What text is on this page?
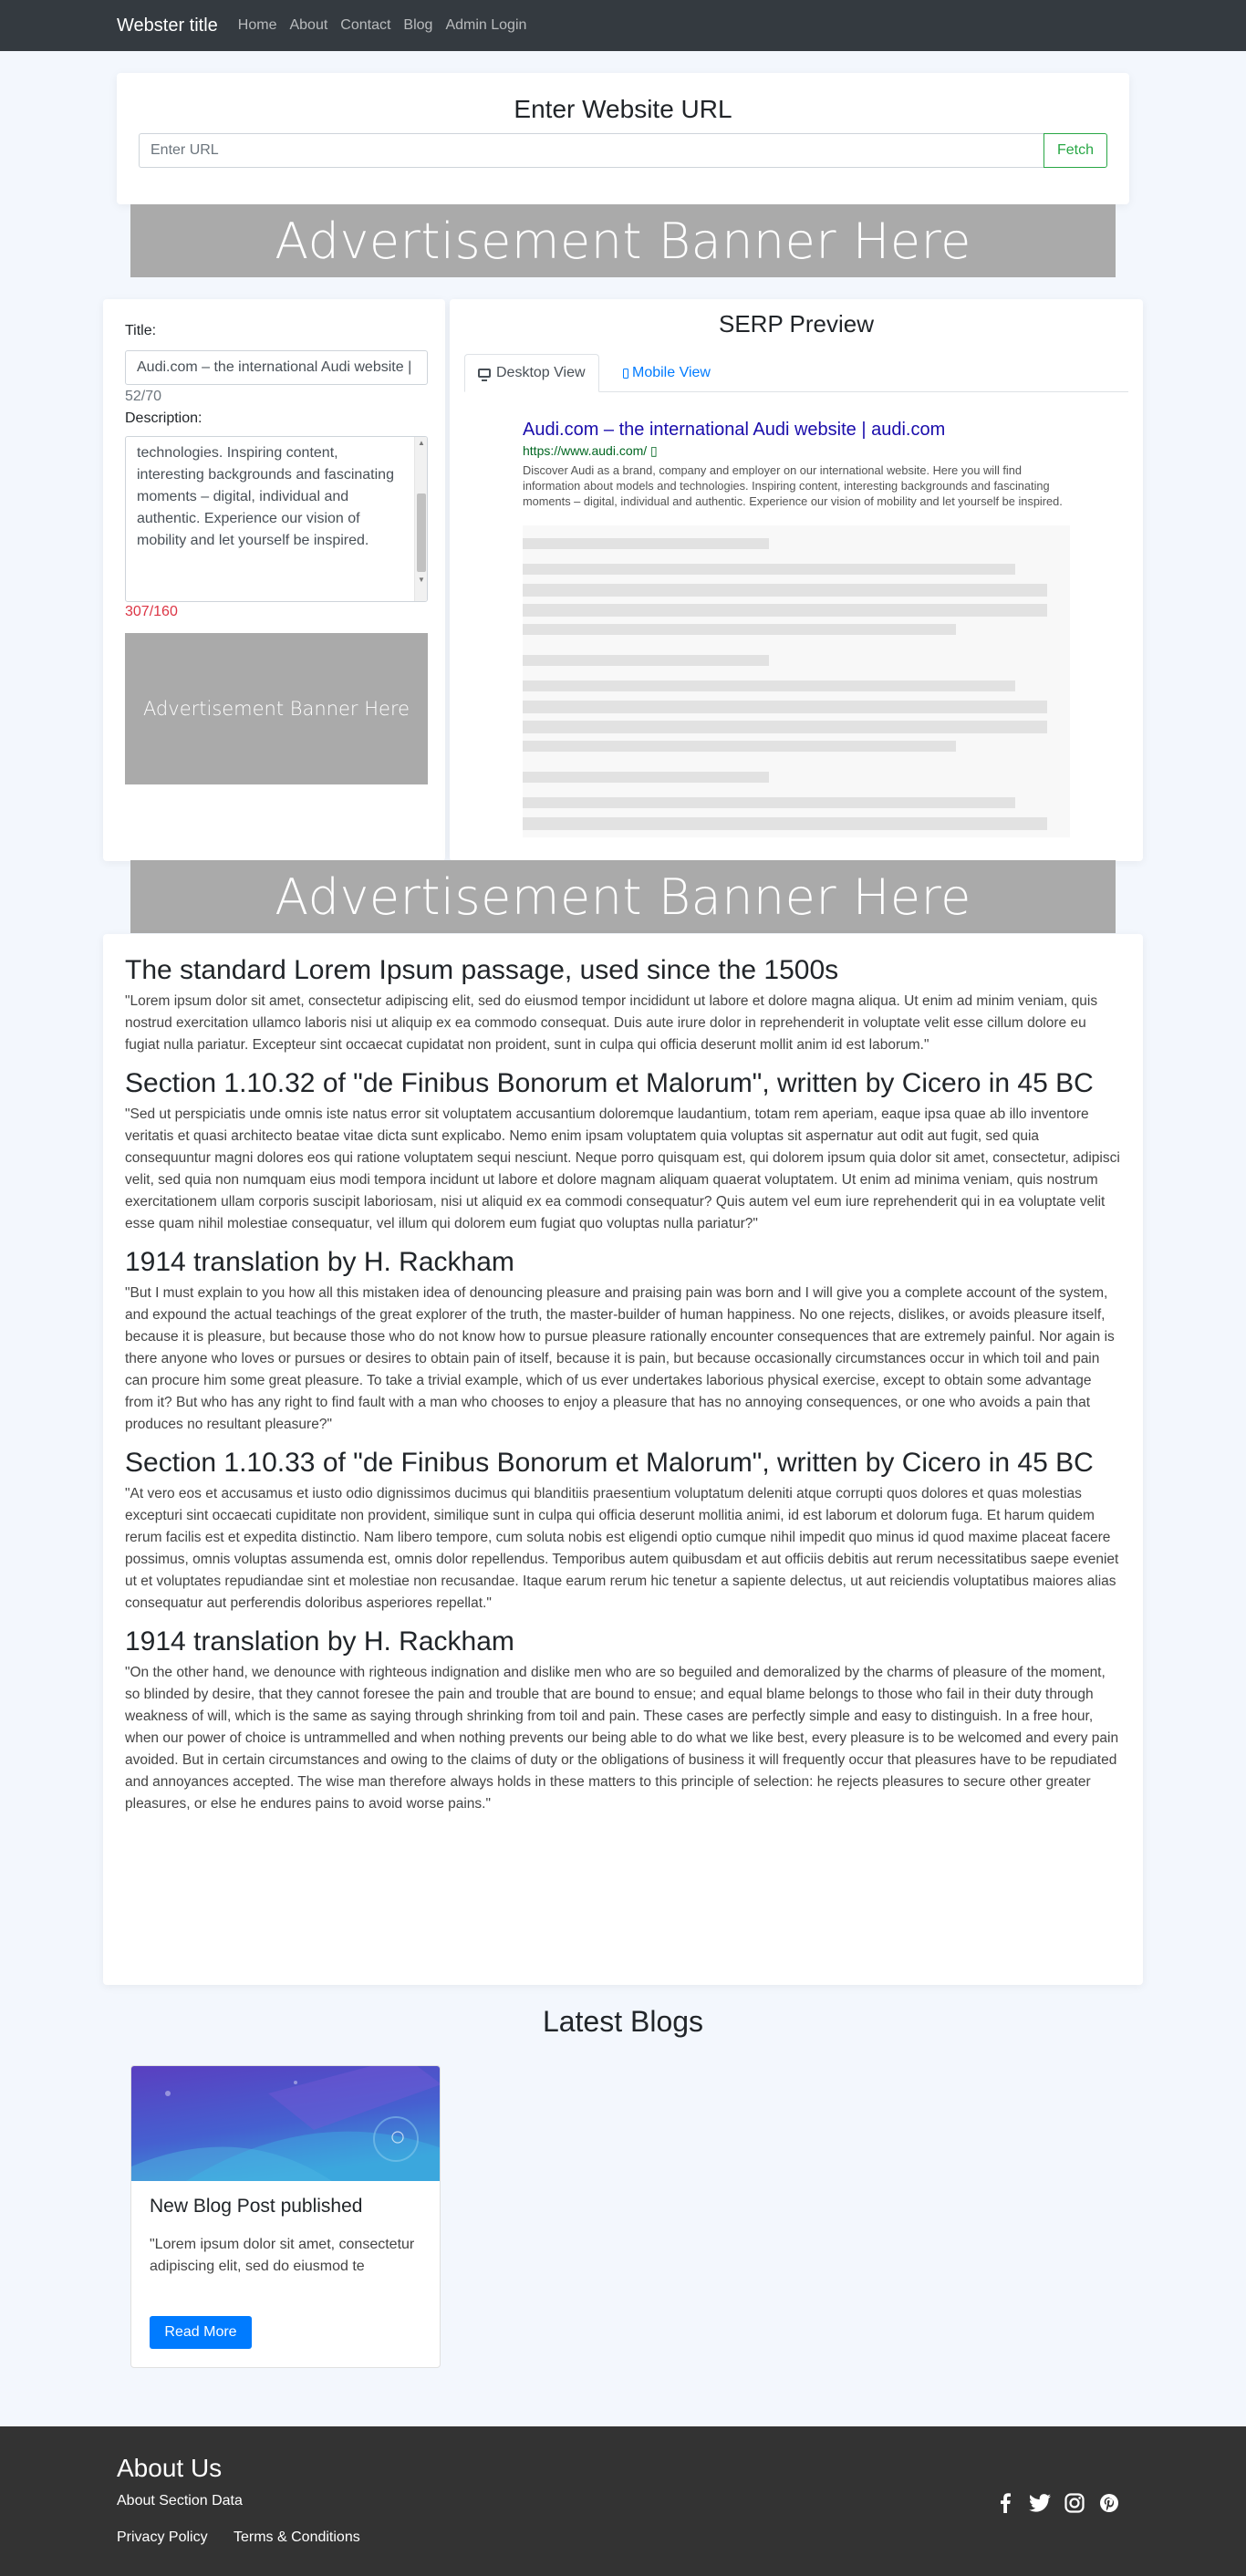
Webster title Home About Contact Blog Admin Login
Enter Website URL
Enter URL
Fetch
Advertisement Banner Here
Title:
Audi.com – the international Audi website | audi.com
52/70
Description:
technologies. Inspiring content, interesting backgrounds and fascinating moments – digital, individual and authentic. Experience our vision of mobility and let yourself be inspired.
▲
▼
307/160
Advertisement Banner Here
SERP Preview
Desktop View	Mobile View
Audi.com – the international Audi website | audi.com
https://www.audi.com/ ▯
Discover Audi as a brand, company and employer on our international website. Here you will find information about models and technologies. Inspiring content, interesting backgrounds and fascinating moments – digital, individual and authentic. Experience our vision of mobility and let yourself be inspired.
Advertisement Banner Here
The standard Lorem Ipsum passage, used since the 1500s

"Lorem ipsum dolor sit amet, consectetur adipiscing elit, sed do eiusmod tempor incididunt ut labore et dolore magna aliqua. Ut enim ad minim veniam, quis nostrud exercitation ullamco laboris nisi ut aliquip ex ea commodo consequat. Duis aute irure dolor in reprehenderit in voluptate velit esse cillum dolore eu fugiat nulla pariatur. Excepteur sint occaecat cupidatat non proident, sunt in culpa qui officia deserunt mollit anim id est laborum."

Section 1.10.32 of "de Finibus Bonorum et Malorum", written by Cicero in 45 BC

"Sed ut perspiciatis unde omnis iste natus error sit voluptatem accusantium doloremque laudantium, totam rem aperiam, eaque ipsa quae ab illo inventore veritatis et quasi architecto beatae vitae dicta sunt explicabo. Nemo enim ipsam voluptatem quia voluptas sit aspernatur aut odit aut fugit, sed quia consequuntur magni dolores eos qui ratione voluptatem sequi nesciunt. Neque porro quisquam est, qui dolorem ipsum quia dolor sit amet, consectetur, adipisci velit, sed quia non numquam eius modi tempora incidunt ut labore et dolore magnam aliquam quaerat voluptatem. Ut enim ad minima veniam, quis nostrum exercitationem ullam corporis suscipit laboriosam, nisi ut aliquid ex ea commodi consequatur? Quis autem vel eum iure reprehenderit qui in ea voluptate velit esse quam nihil molestiae consequatur, vel illum qui dolorem eum fugiat quo voluptas nulla pariatur?"

1914 translation by H. Rackham

"But I must explain to you how all this mistaken idea of denouncing pleasure and praising pain was born and I will give you a complete account of the system, and expound the actual teachings of the great explorer of the truth, the master-builder of human happiness. No one rejects, dislikes, or avoids pleasure itself, because it is pleasure, but because those who do not know how to pursue pleasure rationally encounter consequences that are extremely painful. Nor again is there anyone who loves or pursues or desires to obtain pain of itself, because it is pain, but because occasionally circumstances occur in which toil and pain can procure him some great pleasure. To take a trivial example, which of us ever undertakes laborious physical exercise, except to obtain some advantage from it? But who has any right to find fault with a man who chooses to enjoy a pleasure that has no annoying consequences, or one who avoids a pain that produces no resultant pleasure?"

Section 1.10.33 of "de Finibus Bonorum et Malorum", written by Cicero in 45 BC

"At vero eos et accusamus et iusto odio dignissimos ducimus qui blanditiis praesentium voluptatum deleniti atque corrupti quos dolores et quas molestias excepturi sint occaecati cupiditate non provident, similique sunt in culpa qui officia deserunt mollitia animi, id est laborum et dolorum fuga. Et harum quidem rerum facilis est et expedita distinctio. Nam libero tempore, cum soluta nobis est eligendi optio cumque nihil impedit quo minus id quod maxime placeat facere possimus, omnis voluptas assumenda est, omnis dolor repellendus. Temporibus autem quibusdam et aut officiis debitis aut rerum necessitatibus saepe eveniet ut et voluptates repudiandae sint et molestiae non recusandae. Itaque earum rerum hic tenetur a sapiente delectus, ut aut reiciendis voluptatibus maiores alias consequatur aut perferendis doloribus asperiores repellat."

1914 translation by H. Rackham

"On the other hand, we denounce with righteous indignation and dislike men who are so beguiled and demoralized by the charms of pleasure of the moment, so blinded by desire, that they cannot foresee the pain and trouble that are bound to ensue; and equal blame belongs to those who fail in their duty through weakness of will, which is the same as saying through shrinking from toil and pain. These cases are perfectly simple and easy to distinguish. In a free hour, when our power of choice is untrammelled and when nothing prevents our being able to do what we like best, every pleasure is to be welcomed and every pain avoided. But in certain circumstances and owing to the claims of duty or the obligations of business it will frequently occur that pleasures have to be repudiated and annoyances accepted. The wise man therefore always holds in these matters to this principle of selection: he rejects pleasures to secure other greater pleasures, or else he endures pains to avoid worse pains."

Latest Blogs
New Blog Post published
"Lorem ipsum dolor sit amet, consectetur adipiscing elit, sed do eiusmod te
Read More
About Us
About Section Data
Privacy Policy Terms & Conditions
